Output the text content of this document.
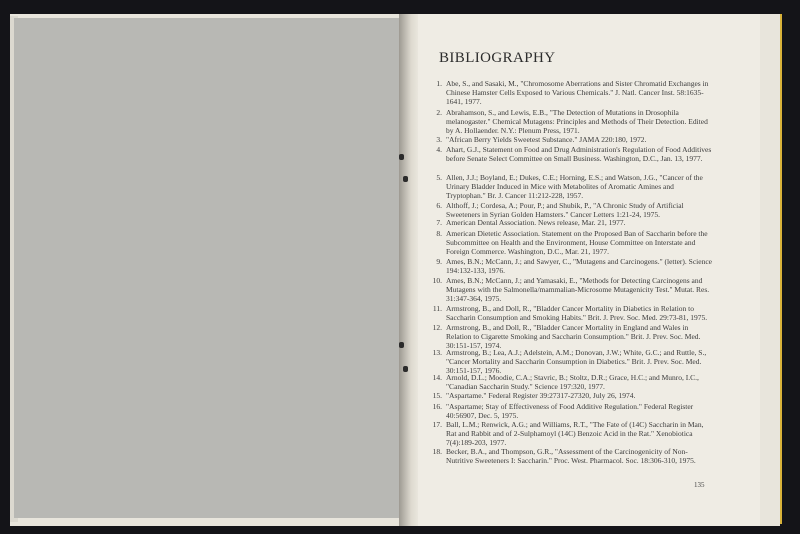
BIBLIOGRAPHY
1. Abe, S., and Sasaki, M., "Chromosome Aberrations and Sister Chromatid Exchanges in Chinese Hamster Cells Exposed to Various Chemicals." J. Natl. Cancer Inst. 58:1635-1641, 1977.
2. Abrahamson, S., and Lewis, E.B., "The Detection of Mutations in Drosophila melanogaster." Chemical Mutagens: Principles and Methods of Their Detection. Edited by A. Hollaender. N.Y.: Plenum Press, 1971.
3. "African Berry Yields Sweetest Substance." JAMA 220:180, 1972.
4. Ahart, G.J., Statement on Food and Drug Administration's Regulation of Food Additives before Senate Select Committee on Small Business. Washington, D.C., Jan. 13, 1977.
5. Allen, J.J.; Boyland, E.; Dukes, C.E.; Horning, E.S.; and Watson, J.G., "Cancer of the Urinary Bladder Induced in Mice with Metabolites of Aromatic Amines and Tryptophan." Br. J. Cancer 11:212-228, 1957.
6. Althoff, J.; Cordesa, A.; Pour, P.; and Shubik, P., "A Chronic Study of Artificial Sweeteners in Syrian Golden Hamsters." Cancer Letters 1:21-24, 1975.
7. American Dental Association. News release, Mar. 21, 1977.
8. American Dietetic Association. Statement on the Proposed Ban of Saccharin before the Subcommittee on Health and the Environment, House Committee on Interstate and Foreign Commerce. Washington, D.C., Mar. 21, 1977.
9. Ames, B.N.; McCann, J.; and Sawyer, C., "Mutagens and Carcinogens." (letter). Science 194:132-133, 1976.
10. Ames, B.N.; McCann, J.; and Yamasaki, E., "Methods for Detecting Carcinogens and Mutagens with the Salmonella/mammalian-Microsome Mutagenicity Test." Mutat. Res. 31:347-364, 1975.
11. Armstrong, B., and Doll, R., "Bladder Cancer Mortality in Diabetics in Relation to Saccharin Consumption and Smoking Habits." Brit. J. Prev. Soc. Med. 29:73-81, 1975.
12. Armstrong, B., and Doll, R., "Bladder Cancer Mortality in England and Wales in Relation to Cigarette Smoking and Saccharin Consumption." Brit. J. Prev. Soc. Med. 30:151-157, 1974.
13. Armstrong, B.; Lea, A.J.; Adelstein, A.M.; Donovan, J.W.; White, G.C.; and Ruttle, S., "Cancer Mortality and Saccharin Consumption in Diabetics." Brit. J. Prev. Soc. Med. 30:151-157, 1976.
14. Arnold, D.L.; Moodie, C.A.; Stavric, B.; Stoltz, D.R.; Grace, H.C.; and Munro, I.C., "Canadian Saccharin Study." Science 197:320, 1977.
15. "Aspartame." Federal Register 39:27317-27320, July 26, 1974.
16. "Aspartame; Stay of Effectiveness of Food Additive Regulation." Federal Register 40:56907, Dec. 5, 1975.
17. Ball, L.M.; Renwick, A.G.; and Williams, R.T., "The Fate of (14C) Saccharin in Man, Rat and Rabbit and of 2-Sulphamoyl (14C) Benzoic Acid in the Rat." Xenobiotica 7(4):189-203, 1977.
18. Becker, B.A., and Thompson, G.R., "Assessment of the Carcinogenicity of Non-Nutritive Sweeteners I: Saccharin." Proc. West. Pharmacol. Soc. 18:306-310, 1975.
135
